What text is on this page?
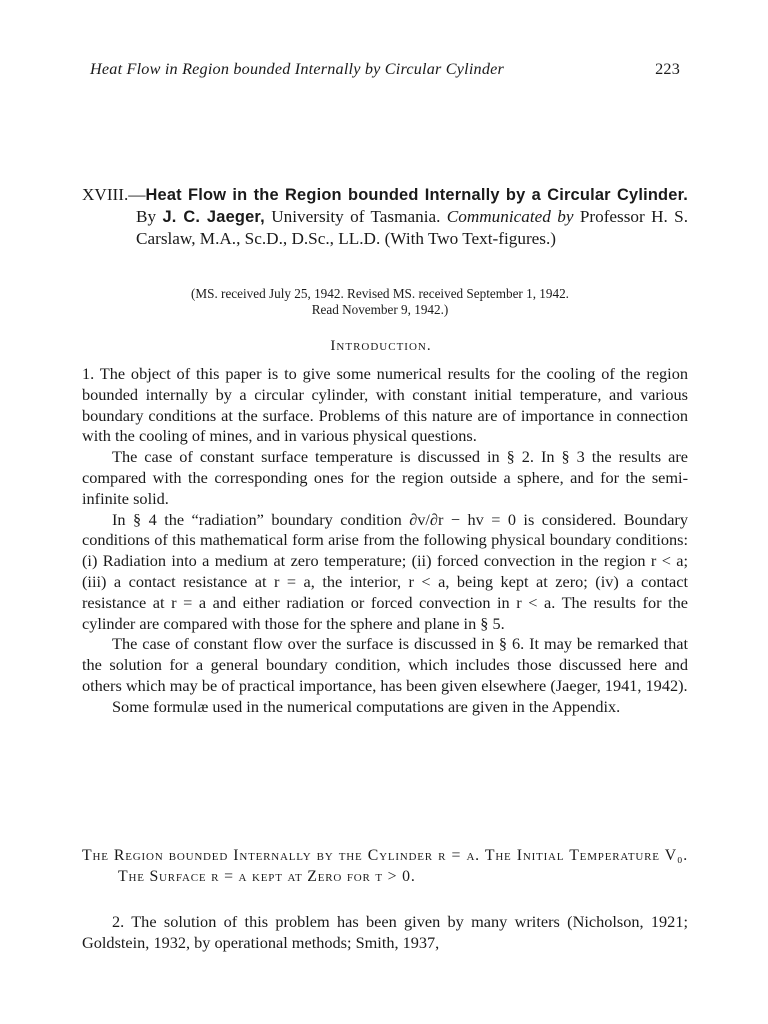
Heat Flow in Region bounded Internally by Circular Cylinder	223
XVIII.—Heat Flow in the Region bounded Internally by a Circular Cylinder. By J. C. Jaeger, University of Tasmania. Communicated by Professor H. S. Carslaw, M.A., Sc.D., D.Sc., LL.D. (With Two Text-figures.)
(MS. received July 25, 1942. Revised MS. received September 1, 1942.
Read November 9, 1942.)
Introduction.

1. The object of this paper is to give some numerical results for the cooling of the region bounded internally by a circular cylinder, with constant initial temperature, and various boundary conditions at the surface. Problems of this nature are of importance in connection with the cooling of mines, and in various physical questions.

The case of constant surface temperature is discussed in § 2. In § 3 the results are compared with the corresponding ones for the region outside a sphere, and for the semi-infinite solid.

In § 4 the “radiation” boundary condition ∂v/∂r − hv = 0 is considered. Boundary conditions of this mathematical form arise from the following physical boundary conditions: (i) Radiation into a medium at zero temperature; (ii) forced convection in the region r < a; (iii) a contact resistance at r = a, the interior, r < a, being kept at zero; (iv) a contact resistance at r = a and either radiation or forced convection in r < a. The results for the cylinder are compared with those for the sphere and plane in § 5.

The case of constant flow over the surface is discussed in § 6. It may be remarked that the solution for a general boundary condition, which includes those discussed here and others which may be of practical importance, has been given elsewhere (Jaeger, 1941, 1942).

Some formulæ used in the numerical computations are given in the Appendix.

The Region bounded Internally by the Cylinder r = a. The Initial Temperature V₀. The Surface r = a kept at Zero for t > 0.

2. The solution of this problem has been given by many writers (Nicholson, 1921; Goldstein, 1932, by operational methods; Smith, 1937,
